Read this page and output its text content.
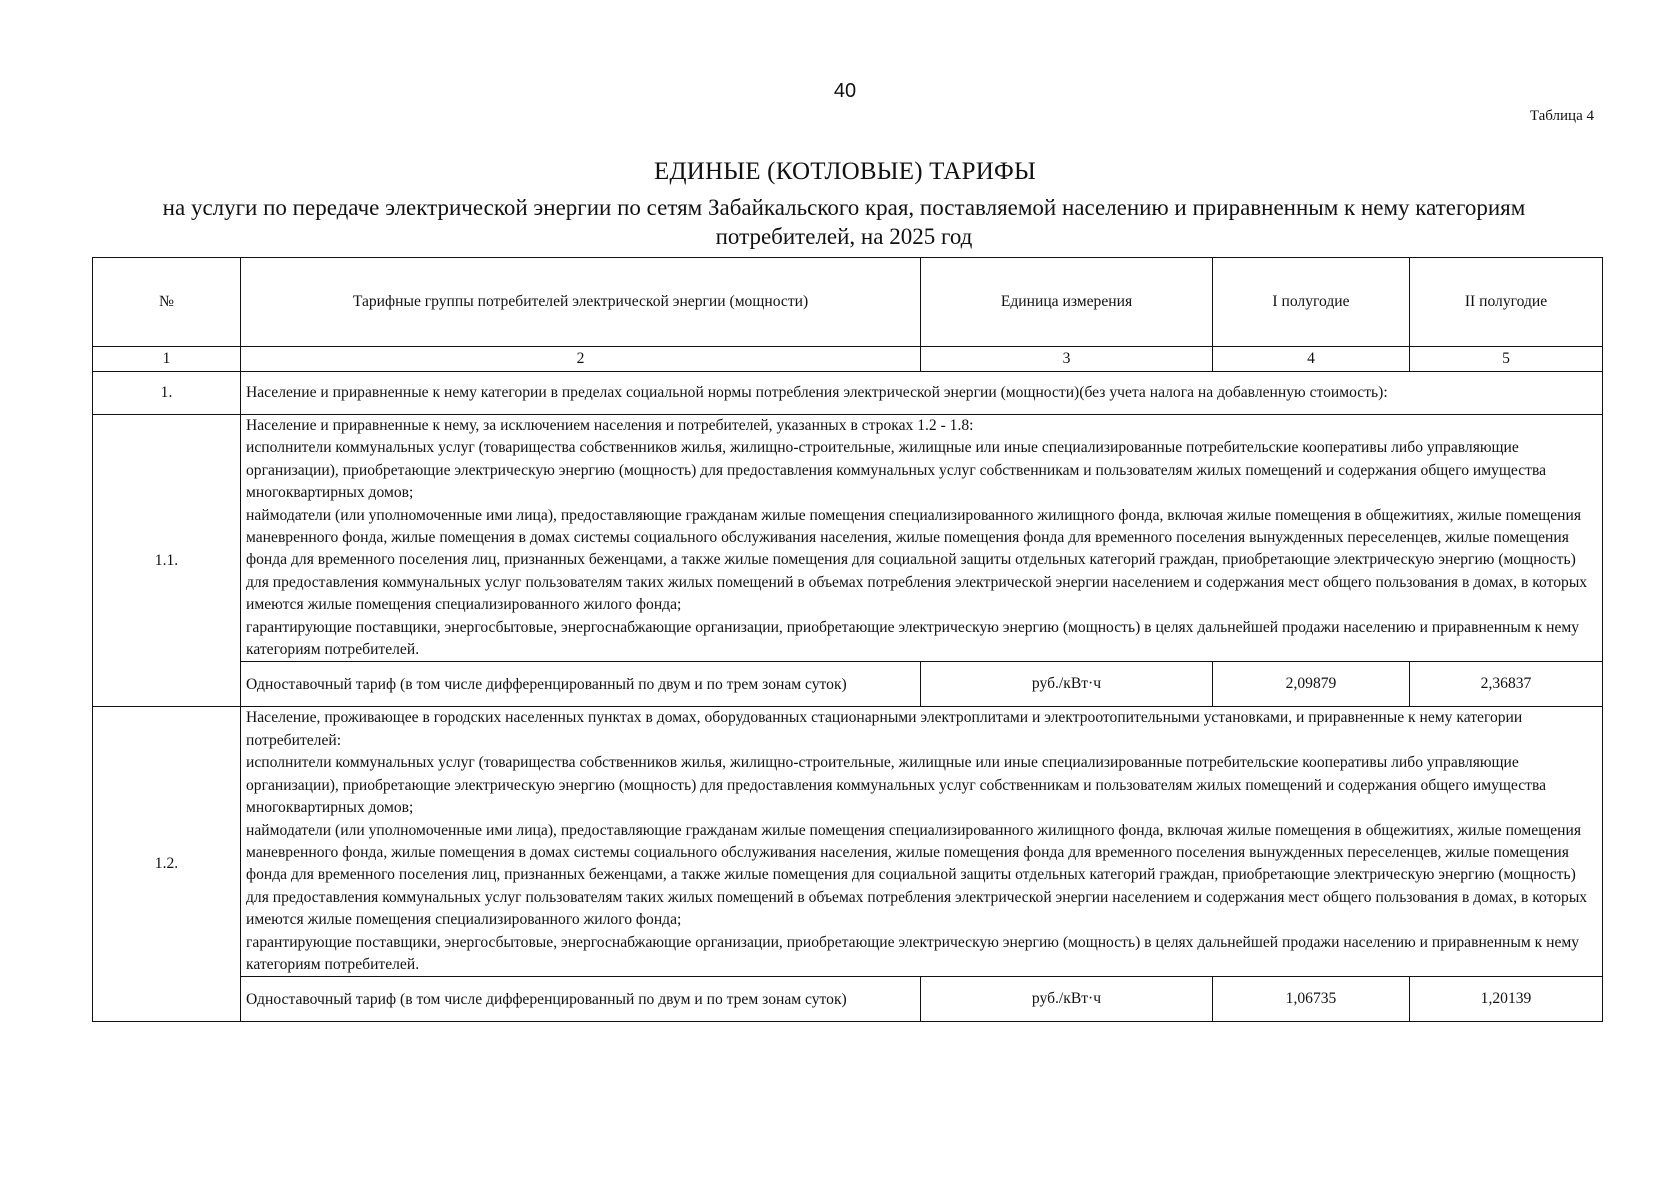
40
Таблица 4
ЕДИНЫЕ (КОТЛОВЫЕ) ТАРИФЫ
на услуги по передаче электрической энергии по сетям Забайкальского края, поставляемой населению и приравненным к нему категориям потребителей, на 2025 год
№	Тарифные группы потребителей электрической энергии (мощности)	Единица измерения	I полугодие	II полугодие
1	2	3	4	5
1.	Население и приравненные к нему категории в пределах социальной нормы потребления электрической энергии (мощности)(без учета налога на добавленную стоимость):			
1.1.	Население и приравненные к нему, за исключением населения и потребителей, указанных в строках 1.2 - 1.8:
исполнители коммунальных услуг (товарищества собственников жилья, жилищно-строительные, жилищные или иные специализированные потребительские кооперативы либо управляющие организации), приобретающие электрическую энергию (мощность) для предоставления коммунальных услуг собственникам и пользователям жилых помещений и содержания общего имущества многоквартирных домов;
наймодатели (или уполномоченные ими лица), предоставляющие гражданам жилые помещения специализированного жилищного фонда, включая жилые помещения в общежитиях, жилые помещения маневренного фонда, жилые помещения в домах системы социального обслуживания населения, жилые помещения фонда для временного поселения вынужденных переселенцев, жилые помещения фонда для временного поселения лиц, признанных беженцами, а также жилые помещения для социальной защиты отдельных категорий граждан, приобретающие электрическую энергию (мощность) для предоставления коммунальных услуг пользователям таких жилых помещений в объемах потребления электрической энергии населением и содержания мест общего пользования в домах, в которых имеются жилые помещения специализированного жилого фонда;
гарантирующие поставщики, энергосбытовые, энергоснабжающие организации, приобретающие электрическую энергию (мощность) в целях дальнейшей продажи населению и приравненным к нему категориям потребителей.			

	Одноставочный тариф (в том числе дифференцированный по двум и по трем зонам суток)	руб./кВт·ч	2,09879	2,36837
1.2.	Население, проживающее в городских населенных пунктах в домах, оборудованных стационарными электроплитами и электроотопительными установками, и приравненные к нему категории потребителей:
исполнители коммунальных услуг (товарищества собственников жилья, жилищно-строительные, жилищные или иные специализированные потребительские кооперативы либо управляющие организации), приобретающие электрическую энергию (мощность) для предоставления коммунальных услуг собственникам и пользователям жилых помещений и содержания общего имущества многоквартирных домов;
наймодатели (или уполномоченные ими лица), предоставляющие гражданам жилые помещения специализированного жилищного фонда, включая жилые помещения в общежитиях, жилые помещения маневренного фонда, жилые помещения в домах системы социального обслуживания населения, жилые помещения фонда для временного поселения вынужденных переселенцев, жилые помещения фонда для временного поселения лиц, признанных беженцами, а также жилые помещения для социальной защиты отдельных категорий граждан, приобретающие электрическую энергию (мощность) для предоставления коммунальных услуг пользователям таких жилых помещений в объемах потребления электрической энергии населением и содержания мест общего пользования в домах, в которых имеются жилые помещения специализированного жилого фонда;
гарантирующие поставщики, энергосбытовые, энергоснабжающие организации, приобретающие электрическую энергию (мощность) в целях дальнейшей продажи населению и приравненным к нему категориям потребителей.			

	Одноставочный тариф (в том числе дифференцированный по двум и по трем зонам суток)	руб./кВт·ч	1,06735	1,20139
